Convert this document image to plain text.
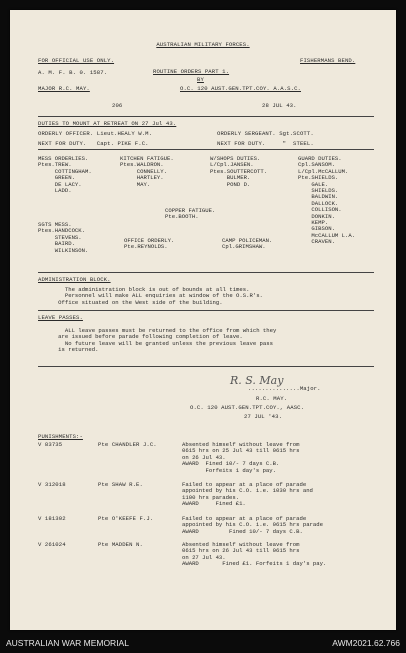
AUSTRALIAN MILITARY FORCES.
FOR OFFICIAL USE ONLY.	FISHERMANS BEND.
A. M. F. B. 0. 1587.	ROUTINE ORDERS PART 1.
BY
MAJOR R.C. MAY.	O.C. 120 AUST.GEN.TPT.COY. A.A.S.C.
206	28 JUL 43.
DUTIES TO MOUNT AT RETREAT ON 27 Jul 43.
ORDERLY OFFICER. Lieut.HEALY W.M.	ORDERLY SERGEANT. Sgt.SCOTT.
NEXT FOR DUTY.   Capt. PIKE F.C.	NEXT FOR DUTY.     "  STEEL.
MESS ORDERLIES.
Ptes.TREW.
COTTINGHAM.
GREEN.
DE LACY.
LADD.
KITCHEN FATIGUE.
Ptes.WALDRON.
CONNELLY.
HARTLEY.
MAY.
W/SHOPS DUTIES.
L/Cpl.JANSEN.
Ptes.SOUTTERCOTT.
BULMER.
POND D.
GUARD DUTIES.
Cpl.SANSOM.
L/Cpl.McCALLUM.
Pte.SHIELDS.
GALE.
SHIELDS.
BALDWIN.
DALLOCK.
COLLISON.
DONKIN.
KEMP.
GIBSON.
McCALLUM L.A.
CRAVEN.
COPPER FATIGUE.
Pte.BOOTH.
SGTS MESS.
Ptes.HANDCOCK.
STEVENS.
BAIRD.
WILKINSON.
OFFICE ORDERLY.
Pte.REYNOLDS.
CAMP POLICEMAN.
Cpl.GRIMSHAW.
ADMINISTRATION BLOCK.
The administration block is out of bounds at all times.
Personnel will make ALL enquiries at window of the O.S.R's.
Office situated on the West side of the building.
LEAVE PASSES.
ALL leave passes must be returned to the office from which they
are issued before parade following completion of leave.
No future leave will be granted unless the previous leave pass
is returned.
R. S. May
...............Major.
R.C. MAY.
O.C. 120 AUST.GEN.TPT.COY., AASC.
27 JUL '43.
PUNISHMENTS:-
V 83735	Pte CHANDLER J.C.	Absented himself without leave from
0615 hrs on 25 Jul 43 till 0615 hrs
on 26 Jul 43.
AWARD  Fined 10/- 7 days C.B.
Forfeits 1 day's pay.
V 312018	Pte SHAW R.E.	Failed to appear at a place of parade
appointed by his C.O. i.e. 1030 hrs and
1100 hrs parades.
AWARD     Fined £1.
V 181302	Pte O'KEEFE F.J.	Failed to appear at a place of parade
appointed by his C.O. i.e. 0615 hrs parade
AWARD         Fined 10/- 7 days C.B.
V 261024	Pte MADDEN N.	Absented himself without leave from
0615 hrs on 26 Jul 43 till 0615 hrs
on 27 Jul 43.
AWARD       Fined £1. Forfeits 1 day's pay.
AUSTRALIAN WAR MEMORIAL	AWM2021.62.766
